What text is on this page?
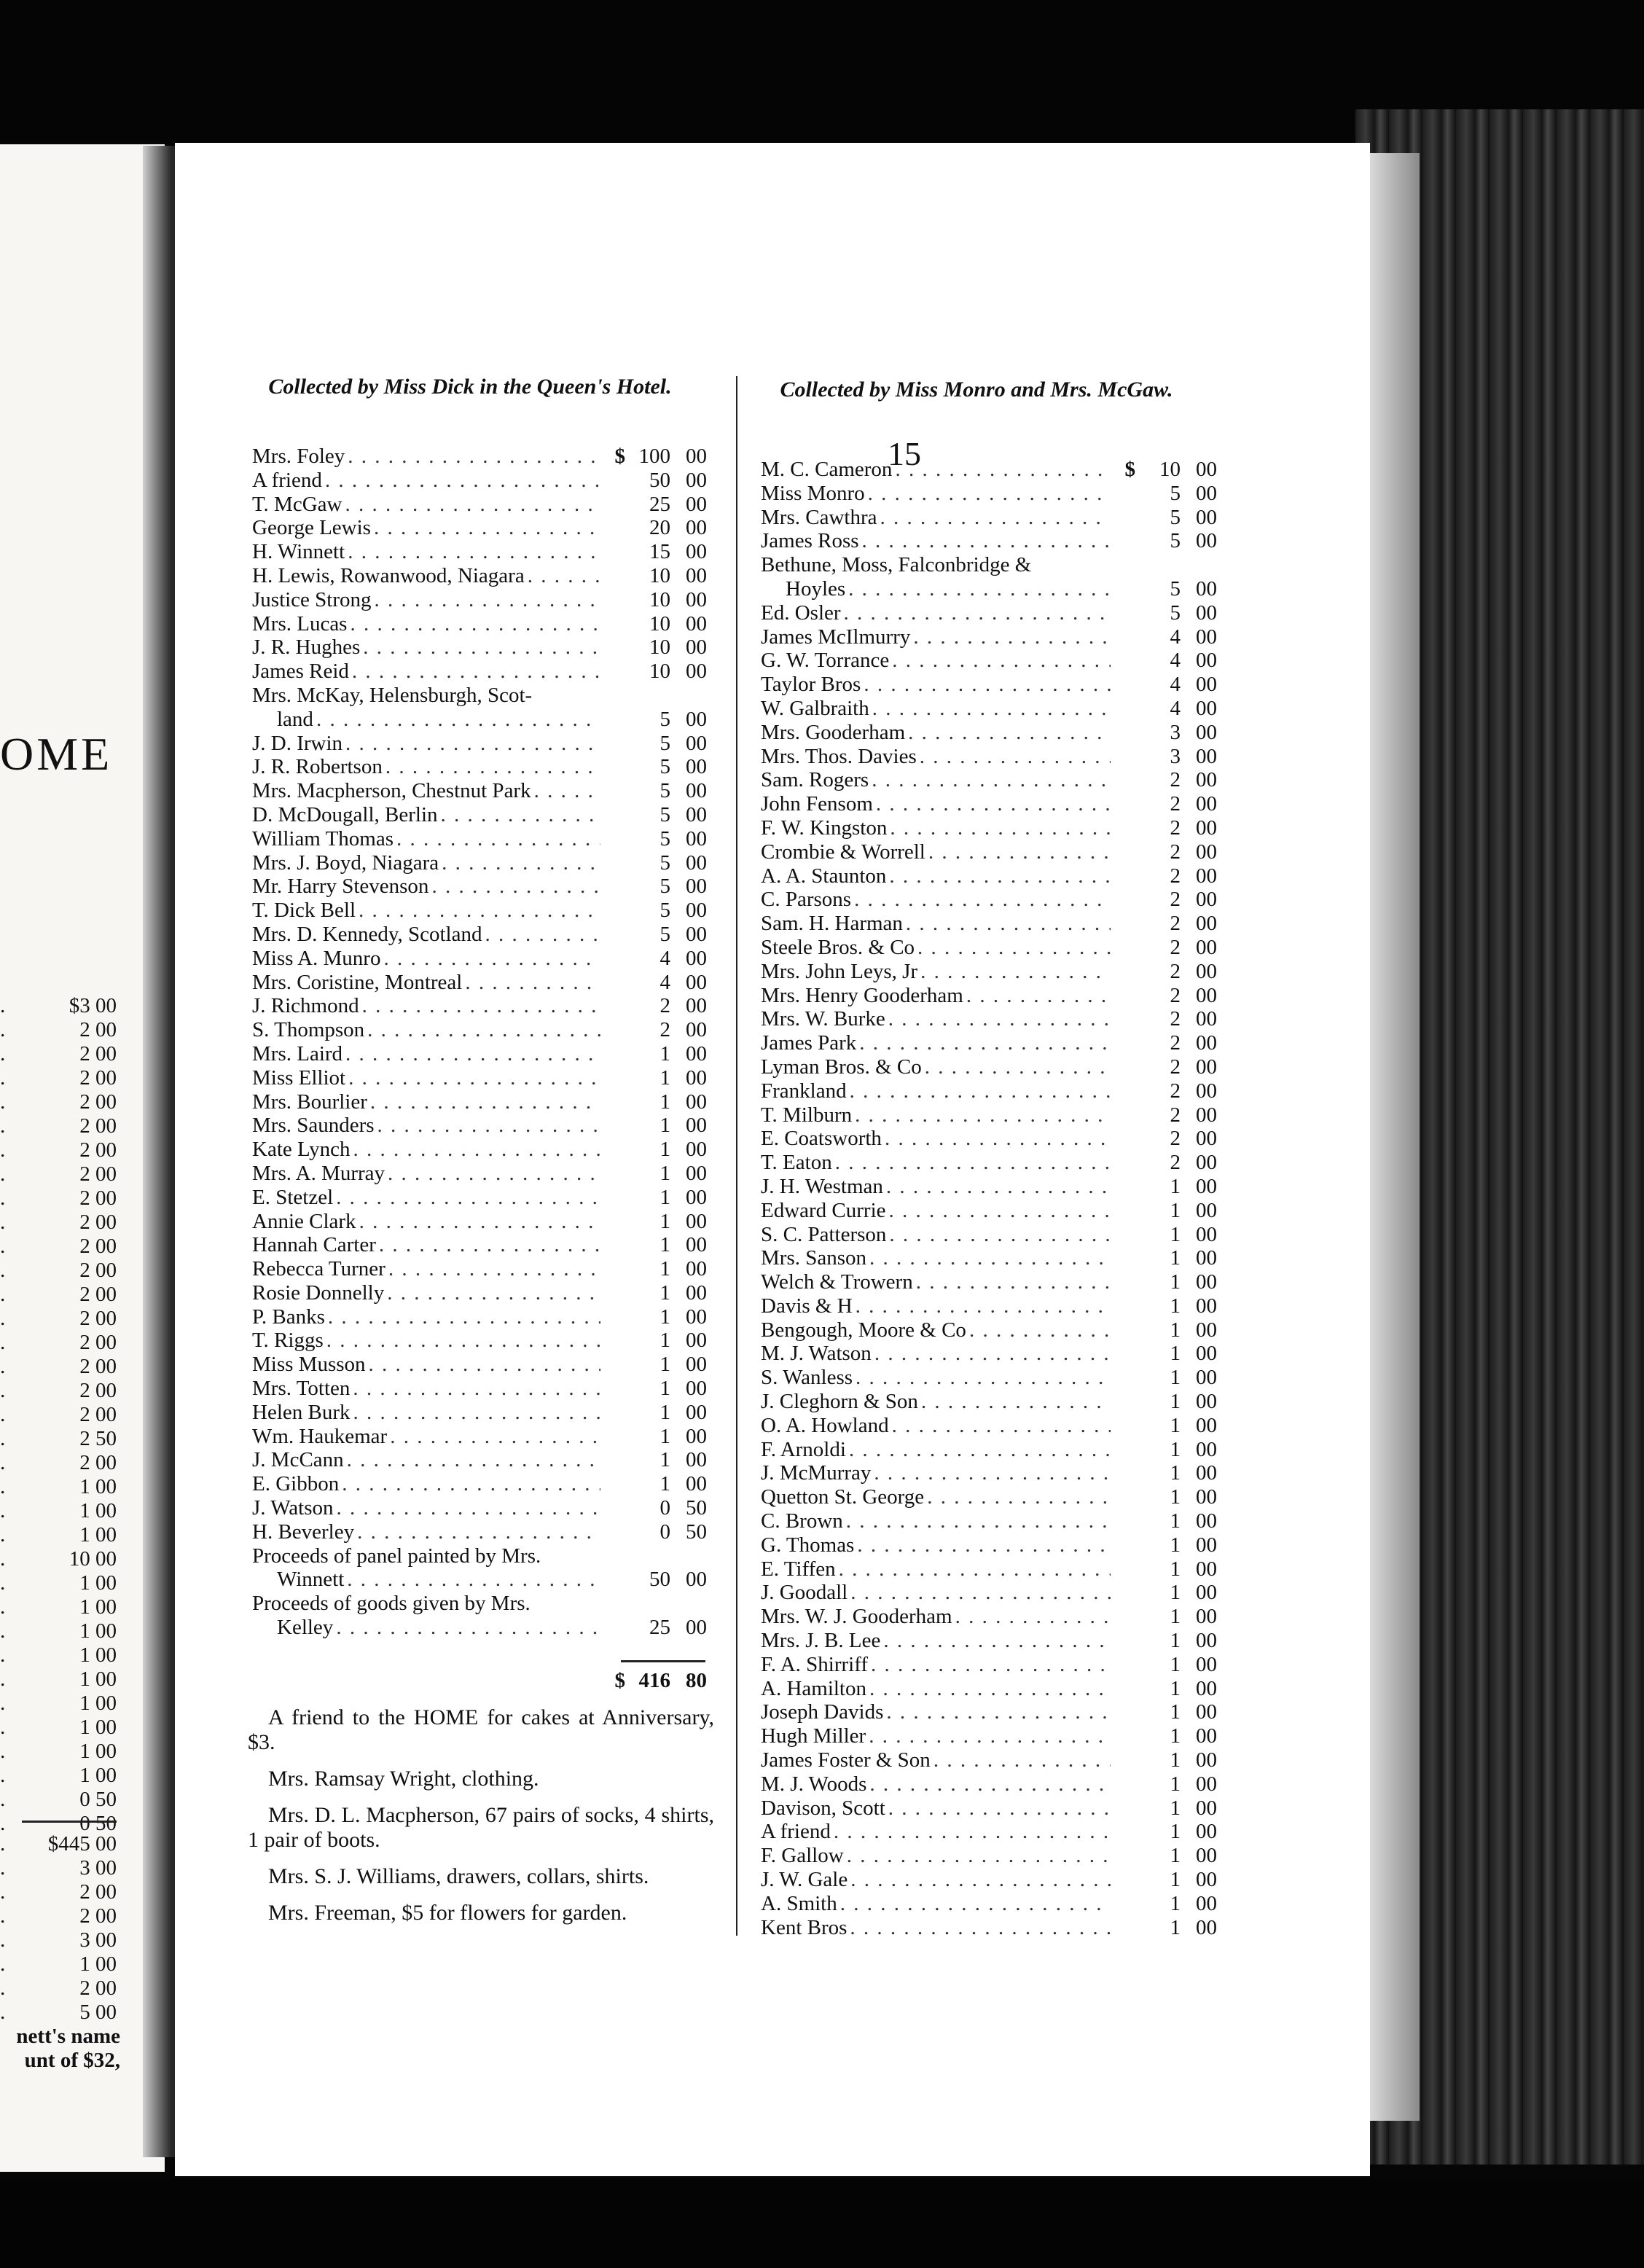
OME
.	$3 00
.	2 00
.	2 00
.	2 00
.	2 00
.	2 00
.	2 00
.	2 00
.	2 00
.	2 00
.	2 00
.	2 00
.	2 00
.	2 00
.	2 00
.	2 00
.	2 00
.	2 00
.	2 50
.	2 00
.	1 00
.	1 00
.	1 00
.	10 00
.	1 00
.	1 00
.	1 00
.	1 00
.	1 00
.	1 00
.	1 00
.	1 00
.	1 00
.	0 50
.	0 50
. $445 00
.	3 00
.	2 00
.	2 00
.	3 00
.	1 00
.	2 00
.	5 00
nett's name
unt of $32,
15
Collected by Miss Dick in the Queen's Hotel.	Collected by Miss Monro and Mrs. McGaw.
Mrs. Foley . . .	$ 100 00
A friend . . .	50 00
T. McGaw . . .	25 00
George Lewis . . .	20 00
H. Winnett . . .	15 00
H. Lewis, Rowanwood, Niagara . . .	10 00
Justice Strong . . .	10 00
Mrs. Lucas . . .	10 00
J. R. Hughes . . .	10 00
James Reid . . .	10 00
Mrs. McKay, Helensburgh, Scot-
land . . .	5 00
J. D. Irwin . . .	5 00
J. R. Robertson . . .	5 00
Mrs. Macpherson, Chestnut Park . . .	5 00
D. McDougall, Berlin . . .	5 00
William Thomas . . .	5 00
Mrs. J. Boyd, Niagara . . .	5 00
Mr. Harry Stevenson . . .	5 00
T. Dick Bell . . .	5 00
Mrs. D. Kennedy, Scotland . . .	5 00
Miss A. Munro . . .	4 00
Mrs. Coristine, Montreal . . .	4 00
J. Richmond . . .	2 00
S. Thompson . . .	2 00
Mrs. Laird . . .	1 00
Miss Elliot . . .	1 00
Mrs. Bourlier . . .	1 00
Mrs. Saunders . . .	1 00
Kate Lynch . . .	1 00
Mrs. A. Murray . . .	1 00
E. Stetzel . . .	1 00
Annie Clark . . .	1 00
Hannah Carter . . .	1 00
Rebecca Turner . . .	1 00
Rosie Donnelly . . .	1 00
P. Banks . . .	1 00
T. Riggs . . .	1 00
Miss Musson . . .	1 00
Mrs. Totten . . .	1 00
Helen Burk . . .	1 00
Wm. Haukemar . . .	1 00
J. McCann . . .	1 00
E. Gibbon . . .	1 00
J. Watson . . .	0 50
H. Beverley . . .	0 50
Proceeds of panel painted by Mrs.
Winnett . . .	50 00
Proceeds of goods given by Mrs.
Kelley . . .	25 00
M. C. Cameron . . .	$	10 00
Miss Monro . . .	5 00
Mrs. Cawthra . . .	5 00
James Ross . . .	5 00
Bethune, Moss, Falconbridge &
Hoyles . . .	5 00
Ed. Osler . . .	5 00
James McIlmurry . . .	4 00
G. W. Torrance . . .	4 00
Taylor Bros . . .	4 00
W. Galbraith . . .	4 00
Mrs. Gooderham . . .	3 00
Mrs. Thos. Davies . . .	3 00
Sam. Rogers . . .	2 00
John Fensom . . .	2 00
F. W. Kingston . . .	2 00
Crombie & Worrell . . .	2 00
A. A. Staunton . . .	2 00
C. Parsons . . .	2 00
Sam. H. Harman . . .	2 00
Steele Bros. & Co . . .	2 00
Mrs. John Leys, Jr . . .	2 00
Mrs. Henry Gooderham . . .	2 00
Mrs. W. Burke . . .	2 00
James Park . . .	2 00
Lyman Bros. & Co . . .	2 00
Frankland . . .	2 00
T. Milburn . . .	2 00
E. Coatsworth . . .	2 00
T. Eaton . . .	2 00
J. H. Westman . . .	1 00
Edward Currie . . .	1 00
S. C. Patterson . . .	1 00
Mrs. Sanson . . .	1 00
Welch & Trowern . . .	1 00
Davis & H . . .	1 00
Bengough, Moore & Co . . .	1 00
M. J. Watson . . .	1 00
S. Wanless . . .	1 00
J. Cleghorn & Son . . .	1 00
O. A. Howland . . .	1 00
F. Arnoldi . . .	1 00
J. McMurray . . .	1 00
Quetton St. George . . .	1 00
C. Brown . . .	1 00
G. Thomas . . .	1 00
E. Tiffen . . .	1 00
J. Goodall . . .	1 00
Mrs. W. J. Gooderham . . .	1 00
Mrs. J. B. Lee . . .	1 00
F. A. Shirriff . . .	1 00
A. Hamilton . . .	1 00
Joseph Davids . . .	1 00
Hugh Miller . . .	1 00
James Foster & Son . . .	1 00
M. J. Woods . . .	1 00
Davison, Scott . . .	1 00
A friend . . .	1 00
F. Gallow . . .	1 00
J. W. Gale . . .	1 00
A. Smith . . .	1 00
Kent Bros . . .	1 00
$ 416 80

A friend to the HOME for cakes at Anniversary, $3.

Mrs. Ramsay Wright, clothing.

Mrs. D. L. Macpherson, 67 pairs of socks, 4 shirts, 1 pair of boots.

Mrs. S. J. Williams, drawers, collars, shirts.

Mrs. Freeman, $5 for flowers for garden.
